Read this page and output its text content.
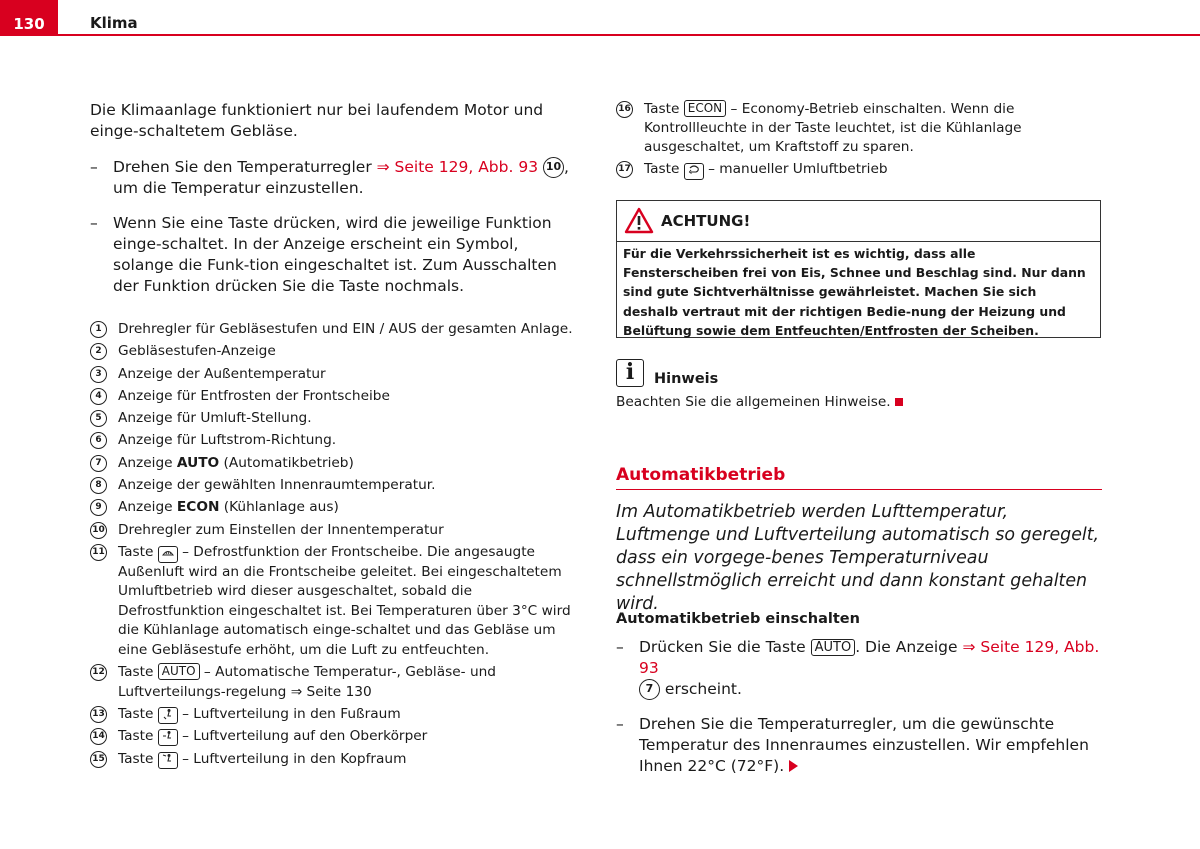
130	Klima

Die Klimaanlage funktioniert nur bei laufendem Motor und einge-schaltetem Gebläse.

– Drehen Sie den Temperaturregler ⇒ Seite 129, Abb. 93 10 , um die Temperatur einzustellen.
– Wenn Sie eine Taste drücken, wird die jeweilige Funktion einge-schaltet. In der Anzeige erscheint ein Symbol, solange die Funk-tion eingeschaltet ist. Zum Ausschalten der Funktion drücken Sie die Taste nochmals.
1	Drehregler für Gebläsestufen und EIN / AUS der gesamten Anlage.
2	Gebläsestufen-Anzeige
3	Anzeige der Außentemperatur
4	Anzeige für Entfrosten der Frontscheibe
5	Anzeige für Umluft-Stellung.
6	Anzeige für Luftstrom-Richtung.
7	Anzeige AUTO (Automatikbetrieb)
8	Anzeige der gewählten Innenraumtemperatur.
9	Anzeige ECON (Kühlanlage aus)
10 Drehregler zum Einstellen der Innentemperatur
11 Taste  – Defrostfunktion der Frontscheibe. Die angesaugte Außenluft wird an die Frontscheibe geleitet. Bei eingeschaltetem Umluftbetrieb wird dieser ausgeschaltet, sobald die Defrostfunktion eingeschaltet ist. Bei Temperaturen über 3°C wird die Kühlanlage automatisch einge-schaltet und das Gebläse um eine Gebläsestufe erhöht, um die Luft zu entfeuchten.
12 Taste AUTO – Automatische Temperatur-, Gebläse- und Luftverteilungs-regelung ⇒ Seite 130
13 Taste  – Luftverteilung in den Fußraum
14 Taste  – Luftverteilung auf den Oberkörper
15 Taste  – Luftverteilung in den Kopfraum
16 Taste ECON – Economy-Betrieb einschalten. Wenn die Kontrollleuchte in der Taste leuchtet, ist die Kühlanlage ausgeschaltet, um Kraftstoff zu sparen.
17 Taste  – manueller Umluftbetrieb
ACHTUNG!
Für die Verkehrssicherheit ist es wichtig, dass alle Fensterscheiben frei von Eis, Schnee und Beschlag sind. Nur dann sind gute Sichtverhältnisse gewährleistet. Machen Sie sich deshalb vertraut mit der richtigen Bedie-nung der Heizung und Belüftung sowie dem Entfeuchten/Entfrosten der Scheiben.
i	Hinweis
Beachten Sie die allgemeinen Hinweise.
Automatikbetrieb
Im Automatikbetrieb werden Lufttemperatur, Luftmenge und Luftverteilung automatisch so geregelt, dass ein vorgege-benes Temperaturniveau schnellstmöglich erreicht und dann konstant gehalten wird.
Automatikbetrieb einschalten
– Drücken Sie die Taste AUTO . Die Anzeige ⇒ Seite 129, Abb. 93
7 erscheint.
– Drehen Sie die Temperaturregler, um die gewünschte Temperatur des Innenraumes einzustellen. Wir empfehlen Ihnen 22°C (72°F).
